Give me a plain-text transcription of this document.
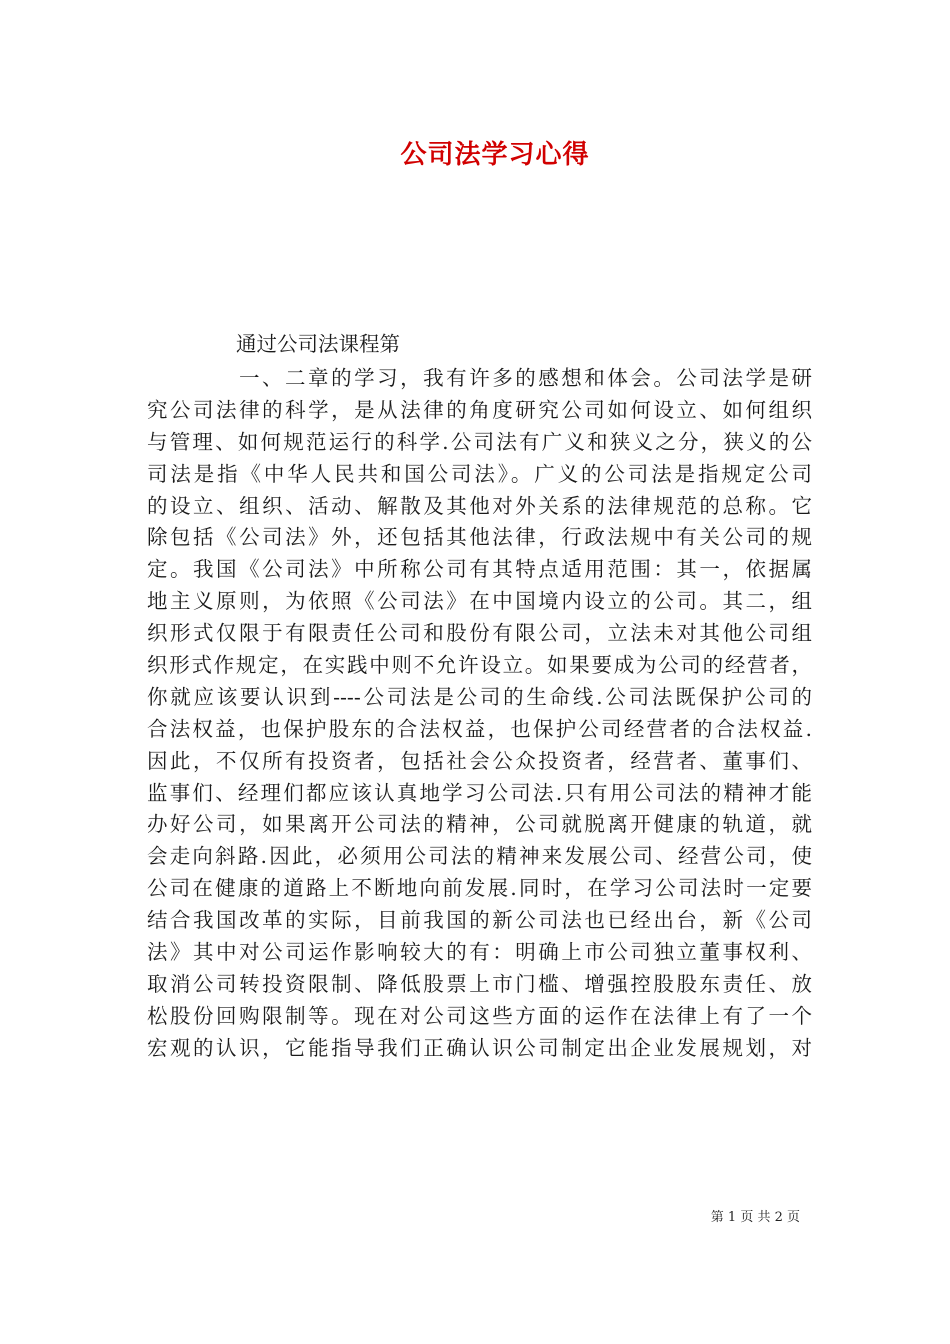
公司法学习心得
通过公司法课程第
一、二章的学习，我有许多的感想和体会。公司法学是研
究公司法律的科学，是从法律的角度研究公司如何设立、如何组织
与管理、如何规范运行的科学.公司法有广义和狭义之分，狭义的公
司法是指《中华人民共和国公司法》。广义的公司法是指规定公司
的设立、组织、活动、解散及其他对外关系的法律规范的总称。它
除包括《公司法》外，还包括其他法律，行政法规中有关公司的规
定。我国《公司法》中所称公司有其特点适用范围：其一，依据属
地主义原则，为依照《公司法》在中国境内设立的公司。其二，组
织形式仅限于有限责任公司和股份有限公司，立法未对其他公司组
织形式作规定，在实践中则不允许设立。如果要成为公司的经营者，
你就应该要认识到----公司法是公司的生命线.公司法既保护公司的
合法权益，也保护股东的合法权益，也保护公司经营者的合法权益.
因此，不仅所有投资者，包括社会公众投资者，经营者、董事们、
监事们、经理们都应该认真地学习公司法.只有用公司法的精神才能
办好公司，如果离开公司法的精神，公司就脱离开健康的轨道，就
会走向斜路.因此，必须用公司法的精神来发展公司、经营公司，使
公司在健康的道路上不断地向前发展.同时，在学习公司法时一定要
结合我国改革的实际，目前我国的新公司法也已经出台，新《公司
法》其中对公司运作影响较大的有：明确上市公司独立董事权利、
取消公司转投资限制、降低股票上市门槛、增强控股股东责任、放
松股份回购限制等。现在对公司这些方面的运作在法律上有了一个
宏观的认识，它能指导我们正确认识公司制定出企业发展规划，对
第 1 页 共 2 页
